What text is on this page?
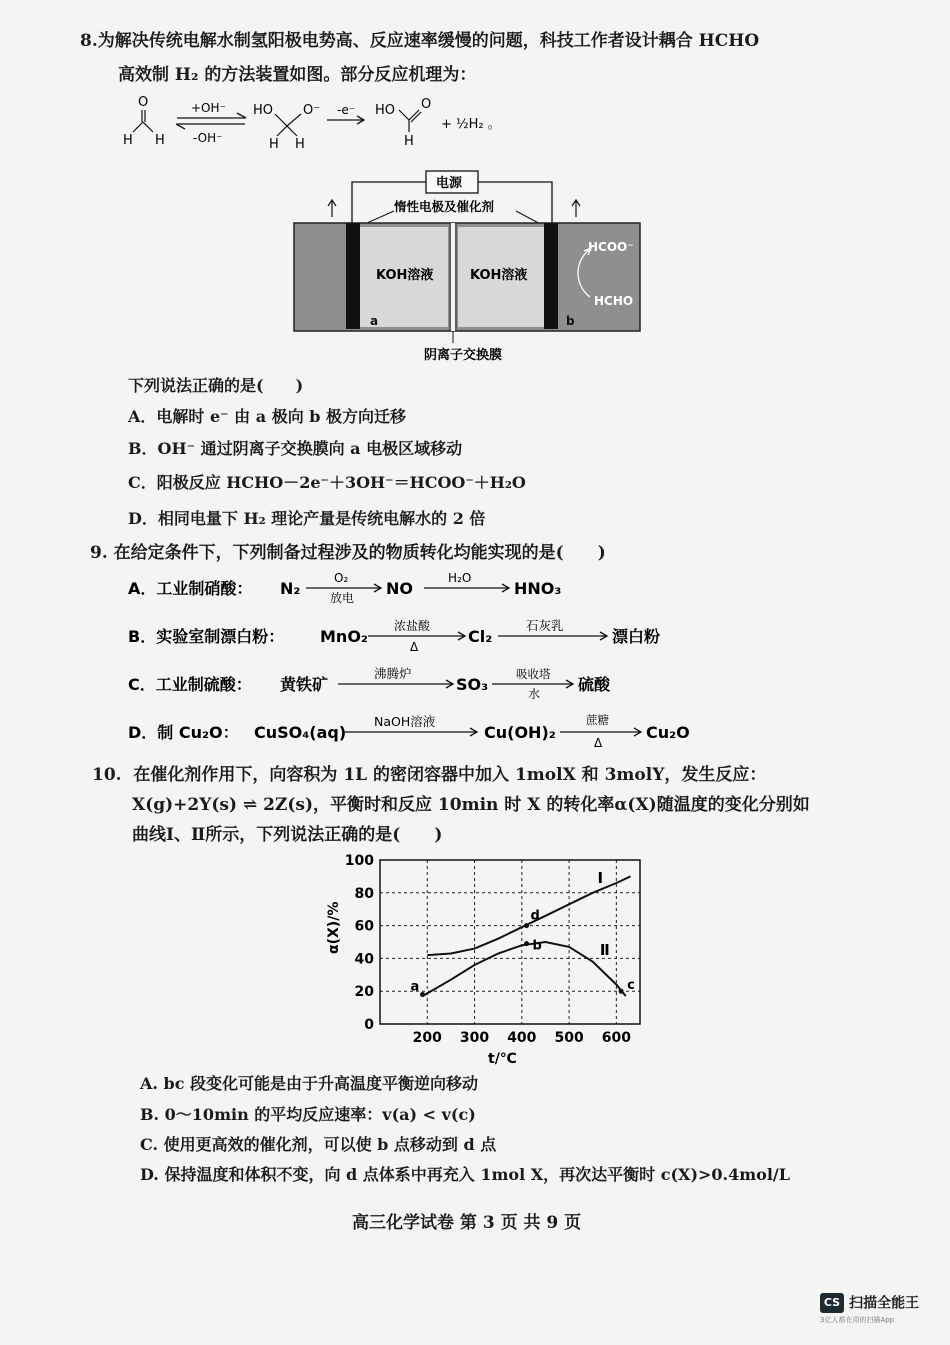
8.为解决传统电解水制氢阳极电势高、反应速率缓慢的问题，科技工作者设计耦合 HCHO
高效制 H₂ 的方法装置如图。部分反应机理为：
O
H H
+OH⁻
-OH⁻
HO O⁻
H H
-e⁻ HO O
H
+ ½H₂ 。
电源
惰性电极及催化剂
a	b
KOH溶液	KOH溶液
HCOO⁻
HCHO
阴离子交换膜
下列说法正确的是(　　)
A．电解时 e⁻ 由 a 极向 b 极方向迁移
B．OH⁻ 通过阴离子交换膜向 a 电极区域移动
C．阳极反应 HCHO－2e⁻＋3OH⁻＝HCOO⁻＋H₂O
D．相同电量下 H₂ 理论产量是传统电解水的 2 倍
9. 在给定条件下，下列制备过程涉及的物质转化均能实现的是(　　)
A．工业制硝酸： N₂
O₂
放电 NO
H₂O
HNO₃
B．实验室制漂白粉： MnO₂
浓盐酸
Δ
Cl₂
石灰乳
漂白粉
C．工业制硫酸： 黄铁矿
沸腾炉
SO₃
吸收塔
水 硫酸
D．制 Cu₂O： CuSO₄(aq)
NaOH溶液
Cu(OH)₂
蔗糖
Δ
Cu₂O
10. 在催化剂作用下，向容积为 1L 的密闭容器中加入 1molX 和 3molY，发生反应：
X(g)+2Y(s) ⇌ 2Z(s)，平衡时和反应 10min 时 X 的转化率α(X)随温度的变化分别如
曲线Ⅰ、Ⅱ所示，下列说法正确的是(　　)
0
20
40
60
80
100
200 300 400 500 600
Ⅰ
Ⅱ
a
b
c
d
α(X)/%
t/℃
A. bc 段变化可能是由于升高温度平衡逆向移动
B. 0～10min 的平均反应速率：v(a) < v(c)
C. 使用更高效的催化剂，可以使 b 点移动到 d 点
D. 保持温度和体积不变，向 d 点体系中再充入 1mol X，再次达平衡时 c(X)>0.4mol/L
高三化学试卷 第 3 页 共 9 页
CS 扫描全能王
3亿人都在用的扫描App
